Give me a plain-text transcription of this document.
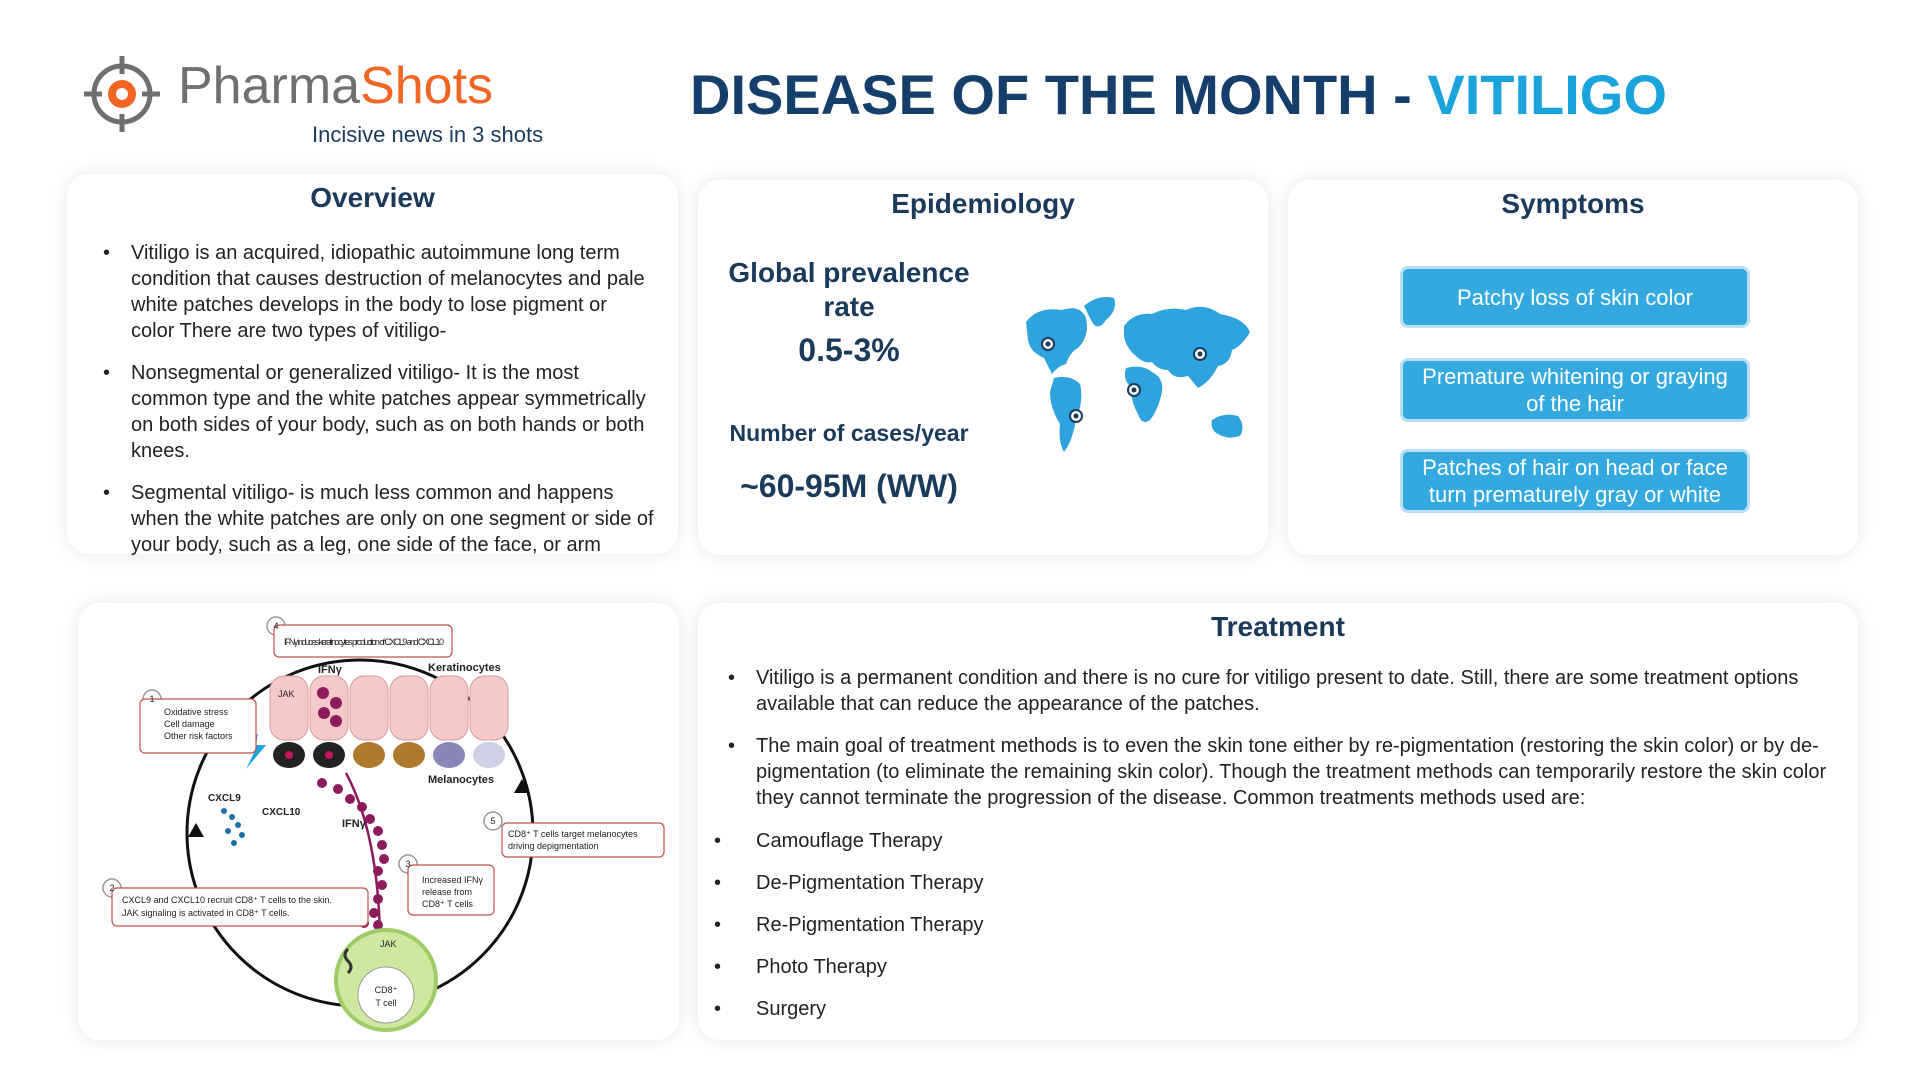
PharmaShots
Incisive news in 3 shots
DISEASE OF THE MONTH - VITILIGO
Overview
• Vitiligo is an acquired, idiopathic autoimmune long term condition that causes destruction of melanocytes and pale white patches develops in the body to lose pigment or color There are two types of vitiligo-
• Nonsegmental or generalized vitiligo- It is the most common type and the white patches appear symmetrically on both sides of your body, such as on both hands or both knees.
• Segmental vitiligo- is much less common and happens when the white patches are only on one segment or side of your body, such as a leg, one side of the face, or arm
Epidemiology
Global prevalence rate
0.5-3%
Number of cases/year
~60-95M (WW)
Symptoms
Patchy loss of skin color
Premature whitening or graying of the hair
Patches of hair on head or face turn prematurely gray or white
1
2
3
4
5
IFNγ induces keratinocytes production of CXCL9 and CXCL10
Oxidative stress
Cell damage
Other risk factors
CXCL9 and CXCL10 recruit CD8⁺ T cells to the skin.
JAK signaling is activated in CD8⁺ T cells.
Increased IFNγ
release from
CD8⁺ T cells
CD8⁺ T cells target melanocytes
driving depigmentation
IFNγ
IFNγ
Keratinocytes
Melanocytes
JAK
JAK
CXCL9
CXCL10
CD8⁺
T cell
Treatment
• Vitiligo is a permanent condition and there is no cure for vitiligo present to date. Still, there are some treatment options available that can reduce the appearance of the patches.
• The main goal of treatment methods is to even the skin tone either by re-pigmentation (restoring the skin color) or by de-pigmentation (to eliminate the remaining skin color). Though the treatment methods can temporarily restore the skin color they cannot terminate the progression of the disease. Common treatments methods used are:
• Camouflage Therapy
• De-Pigmentation Therapy
• Re-Pigmentation Therapy
• Photo Therapy
• Surgery
